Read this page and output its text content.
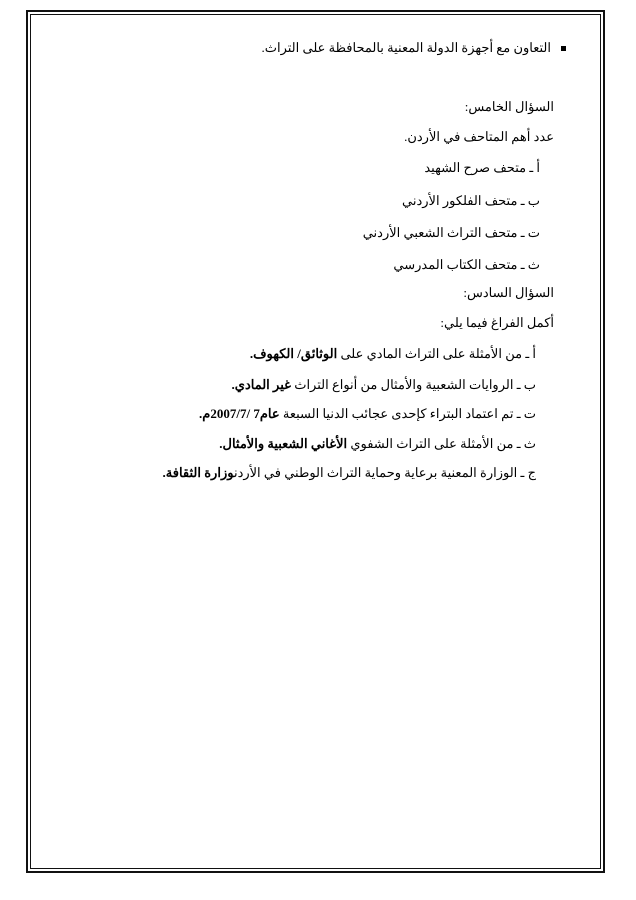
التعاون مع أجهزة الدولة المعنية بالمحافظة على التراث.
السؤال الخامس:
عدد أهم المتاحف في الأردن.
أ ـ متحف صرح الشهيد
ب ـ متحف الفلكور الأردني
ت ـ متحف التراث الشعبي الأردني
ث ـ متحف الكتاب المدرسي
السؤال السادس:
أكمل الفراغ فيما يلي:
أ ـ من الأمثلة على التراث المادي على الوثائق/ الكهوف.
ب ـ الروايات الشعبية والأمثال من أنواع التراث غير المادي.
ت ـ تم اعتماد البتراء كإحدى عجائب الدنيا السبعة عام7 /2007/7م.
ث ـ من الأمثلة على التراث الشفوي الأغاني الشعبية والأمثال.
ج ـ الوزارة المعنية برعاية وحماية التراث الوطني في الأردنوزارة الثقافة.
